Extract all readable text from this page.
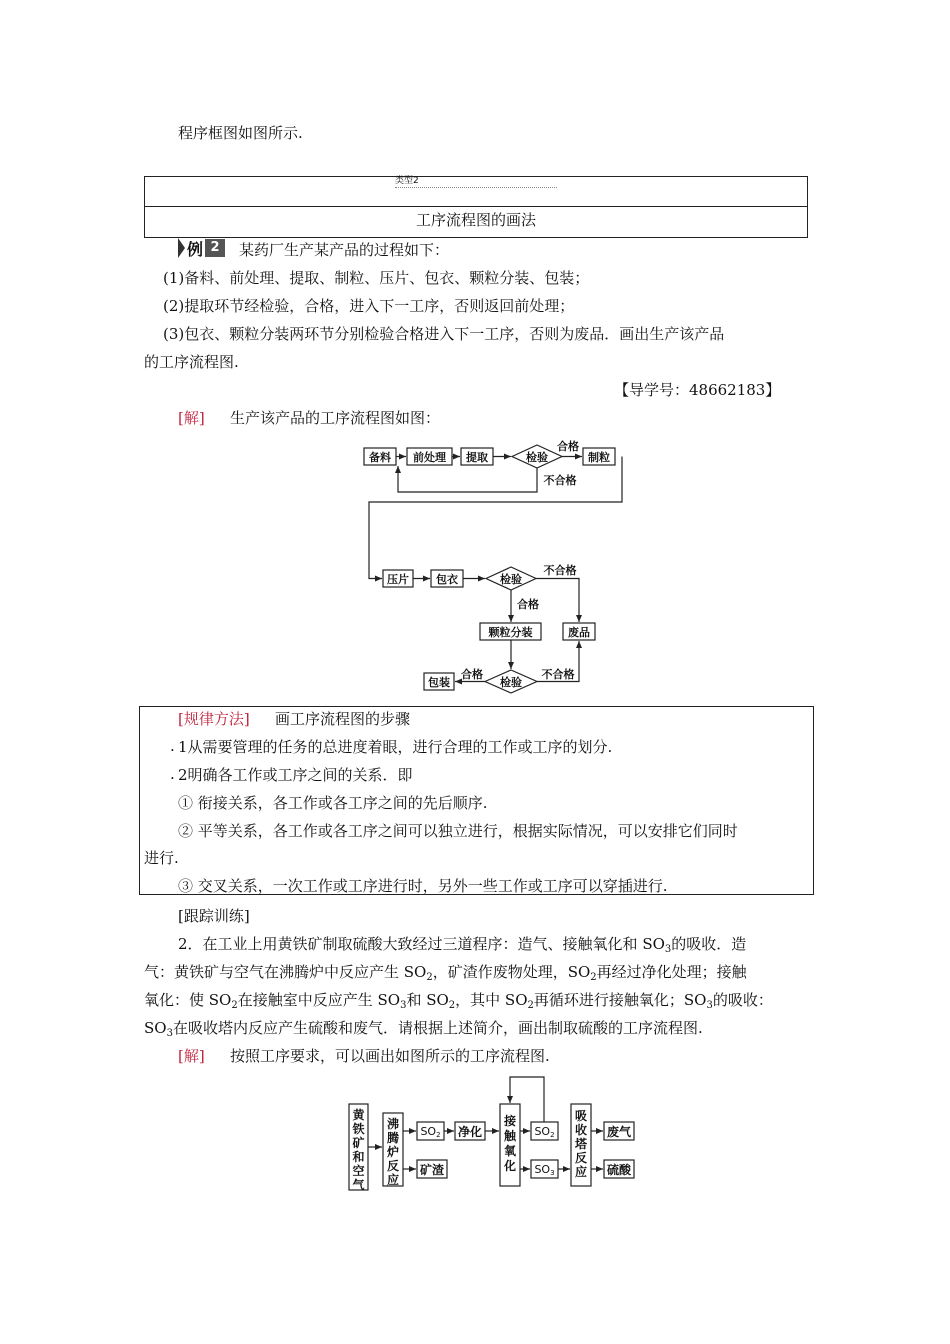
程序框图如图所示.
类型2
工序流程图的画法
例 2	某药厂生产某产品的过程如下：
(1)备料、前处理、提取、制粒、压片、包衣、颗粒分装、包装；
(2)提取环节经检验，合格，进入下一工序，否则返回前处理；
(3)包衣、颗粒分装两环节分别检验合格进入下一工序，否则为废品．画出生产该产品
的工序流程图.
【导学号：48662183】
[解] 生产该产品的工序流程图如图：
备料 前处理 提取	检验	制粒
压片 包衣	检验
颗粒分装	废品
检验
包装
合格
不合格
不合格
合格
合格	不合格
[规律方法] 画工序流程图的步骤
. 1从需要管理的任务的总进度着眼，进行合理的工作或工序的划分.
. 2明确各工作或工序之间的关系．即
① 衔接关系，各工作或各工序之间的先后顺序.
② 平等关系，各工作或各工序之间可以独立进行，根据实际情况，可以安排它们同时
进行.
③ 交叉关系，一次工作或工序进行时，另外一些工作或工序可以穿插进行.
[跟踪训练]
2．在工业上用黄铁矿制取硫酸大致经过三道程序：造气、接触氧化和 $SO_3$的吸收．造
气：黄铁矿与空气在沸腾炉中反应产生 $SO_2$，矿渣作废物处理，$SO_2$再经过净化处理；接触
氧化：使 $SO_2$在接触室中反应产生 $SO_3$和 $SO_2$，其中 $SO_2$再循环进行接触氧化；$SO_3$的吸收：
$SO_3$在吸收塔内反应产生硫酸和废气．请根据上述简介，画出制取硫酸的工序流程图.
[解] 按照工序要求，可以画出如图所示的工序流程图.
黄
铁
矿
和
空
气
沸
腾
炉
反
应
净化
矿渣
接
触
氧
化
吸
收
塔
反
应
废气
硫酸
SO2	SO2
SO3
